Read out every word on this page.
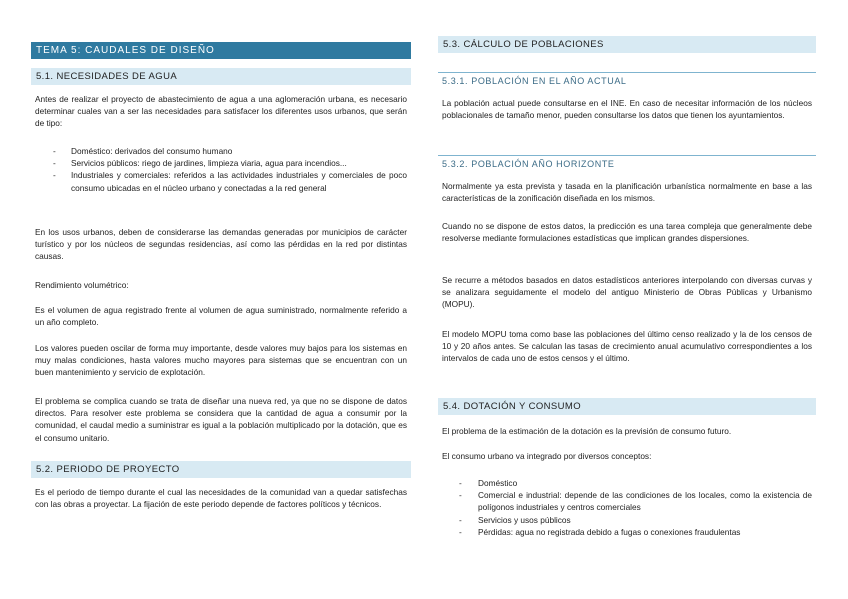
TEMA 5: CAUDALES DE DISEÑO
5.1. NECESIDADES DE AGUA

Antes de realizar el proyecto de abastecimiento de agua a una aglomeración urbana, es necesario determinar cuales van a ser las necesidades para satisfacer los diferentes usos urbanos, que serán de tipo:

- Doméstico: derivados del consumo humano
- Servicios públicos: riego de jardines, limpieza viaria, agua para incendios...
- Industriales y comerciales: referidos a las actividades industriales y comerciales de poco consumo ubicadas en el núcleo urbano y conectadas a la red general

En los usos urbanos, deben de considerarse las demandas generadas por municipios de carácter turístico y por los núcleos de segundas residencias, así como las pérdidas en la red por distintas causas.

Rendimiento volumétrico:

Es el volumen de agua registrado frente al volumen de agua suministrado, normalmente referido a un año completo.

Los valores pueden oscilar de forma muy importante, desde valores muy bajos para los sistemas en muy malas condiciones, hasta valores mucho mayores para sistemas que se encuentran con un buen mantenimiento y servicio de explotación.

El problema se complica cuando se trata de diseñar una nueva red, ya que no se dispone de datos directos. Para resolver este problema se considera que la cantidad de agua a consumir por la comunidad, el caudal medio a suministrar es igual a la población multiplicado por la dotación, que es el consumo unitario.

5.2. PERIODO DE PROYECTO

Es el periodo de tiempo durante el cual las necesidades de la comunidad van a quedar satisfechas con las obras a proyectar. La fijación de este periodo depende de factores políticos y técnicos.

5.3. CÁLCULO DE POBLACIONES
5.3.1. POBLACIÓN EN EL AÑO ACTUAL

La población actual puede consultarse en el INE. En caso de necesitar información de los núcleos poblacionales de tamaño menor, pueden consultarse los datos que tienen los ayuntamientos.

5.3.2. POBLACIÓN AÑO HORIZONTE

Normalmente ya esta prevista y tasada en la planificación urbanística normalmente en base a las características de la zonificación diseñada en los mismos.

Cuando no se dispone de estos datos, la predicción es una tarea compleja que generalmente debe resolverse mediante formulaciones estadísticas que implican grandes dispersiones.

Se recurre a métodos basados en datos estadísticos anteriores interpolando con diversas curvas y se analizara seguidamente el modelo del antiguo Ministerio de Obras Públicas y Urbanismo (MOPU).

El modelo MOPU toma como base las poblaciones del último censo realizado y la de los censos de 10 y 20 años antes. Se calculan las tasas de crecimiento anual acumulativo correspondientes a los intervalos de cada uno de estos censos y el último.

5.4. DOTACIÓN Y CONSUMO

El problema de la estimación de la dotación es la previsión de consumo futuro.

El consumo urbano va integrado por diversos conceptos:

- Doméstico
- Comercial e industrial: depende de las condiciones de los locales, como la existencia de polígonos industriales y centros comerciales
- Servicios y usos públicos
- Pérdidas: agua no registrada debido a fugas o conexiones fraudulentas
